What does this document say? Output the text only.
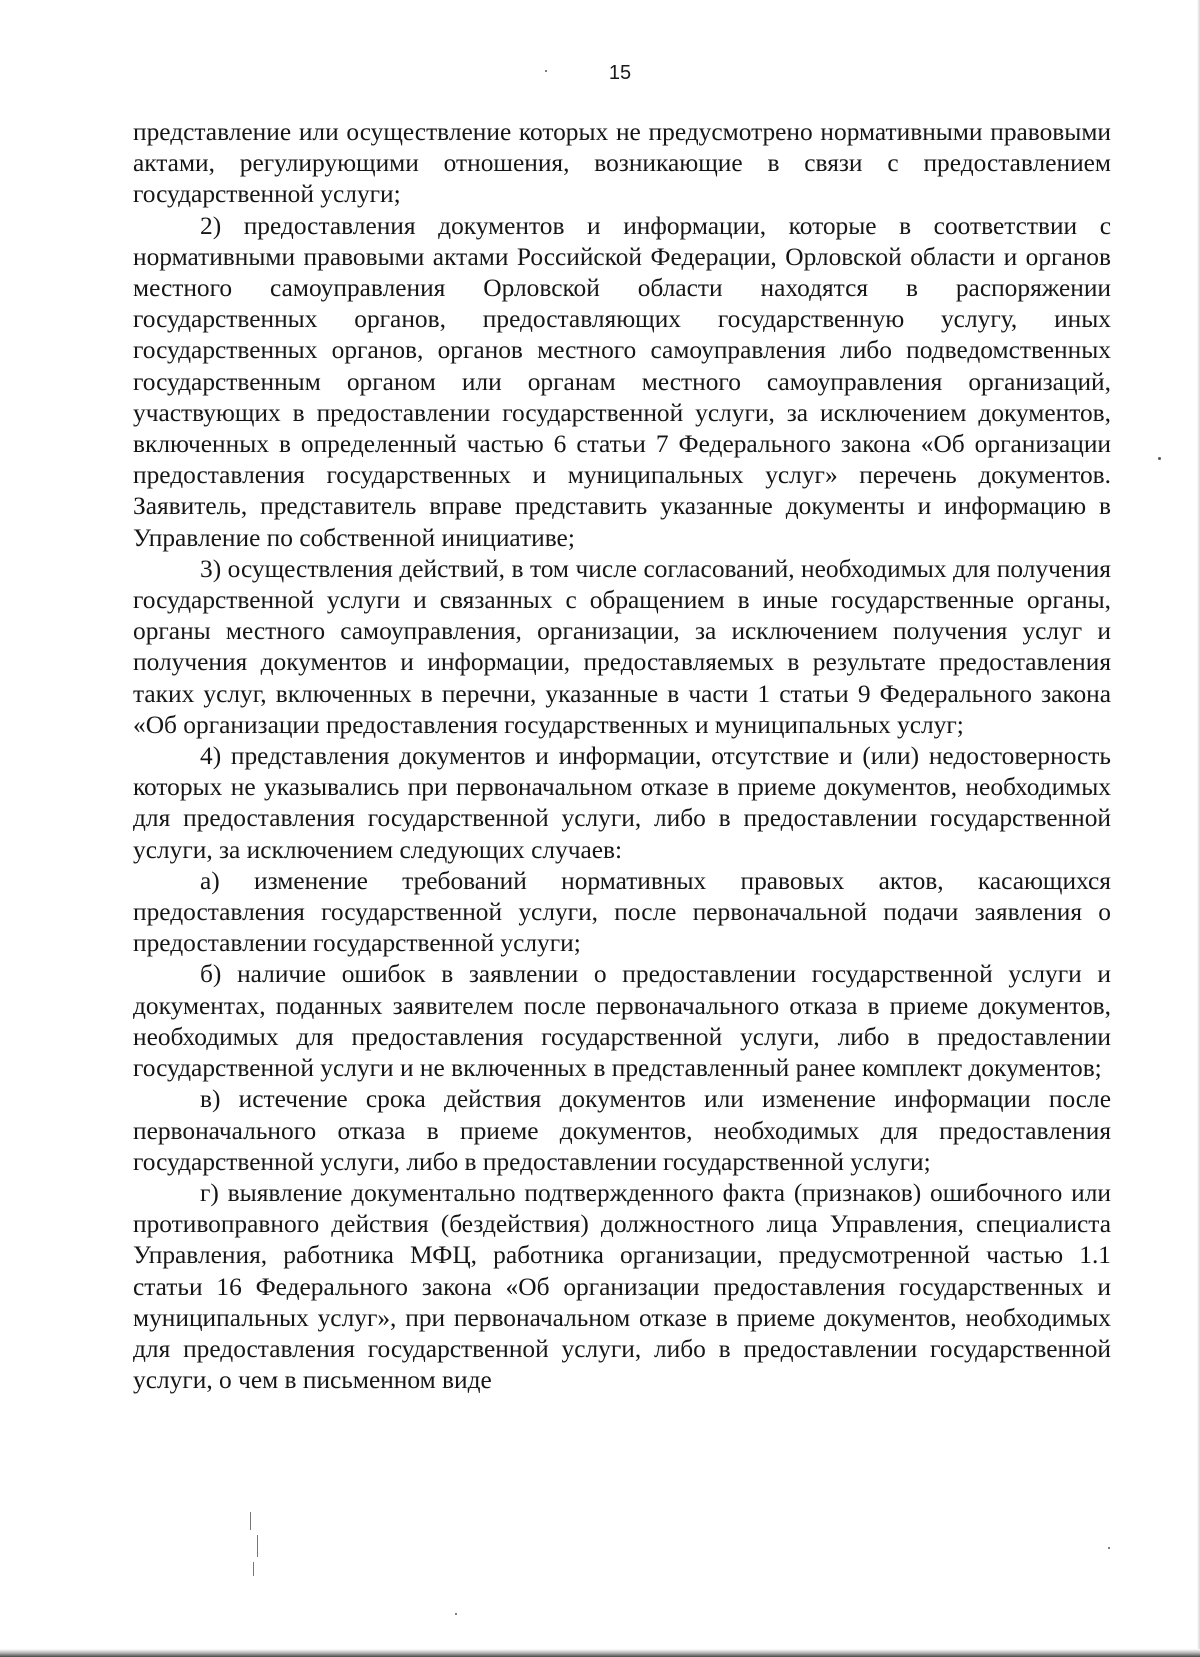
15

представление или осуществление которых не предусмотрено нормативными правовыми актами, регулирующими отношения, возникающие в связи с предоставлением государственной услуги;

2) предоставления документов и информации, которые в соответствии с нормативными правовыми актами Российской Федерации, Орловской области и органов местного самоуправления Орловской области находятся в распоряжении государственных органов, предоставляющих государственную услугу, иных государственных органов, органов местного самоуправления либо подведомственных государственным органом или органам местного самоуправления организаций, участвующих в предоставлении государственной услуги, за исключением документов, включенных в определенный частью 6 статьи 7 Федерального закона «Об организации предоставления государственных и муниципальных услуг» перечень документов. Заявитель, представитель вправе представить указанные документы и информацию в Управление по собственной инициативе;

3) осуществления действий, в том числе согласований, необходимых для получения государственной услуги и связанных с обращением в иные государственные органы, органы местного самоуправления, организации, за исключением получения услуг и получения документов и информации, предоставляемых в результате предоставления таких услуг, включенных в перечни, указанные в части 1 статьи 9 Федерального закона «Об организации предоставления государственных и муниципальных услуг;

4) представления документов и информации, отсутствие и (или) недостоверность которых не указывались при первоначальном отказе в приеме документов, необходимых для предоставления государственной услуги, либо в предоставлении государственной услуги, за исключением следующих случаев:

а) изменение требований нормативных правовых актов, касающихся предоставления государственной услуги, после первоначальной подачи заявления о предоставлении государственной услуги;

б) наличие ошибок в заявлении о предоставлении государственной услуги и документах, поданных заявителем после первоначального отказа в приеме документов, необходимых для предоставления государственной услуги, либо в предоставлении государственной услуги и не включенных в представленный ранее комплект документов;

в) истечение срока действия документов или изменение информации после первоначального отказа в приеме документов, необходимых для предоставления государственной услуги, либо в предоставлении государственной услуги;

г) выявление документально подтвержденного факта (признаков) ошибочного или противоправного действия (бездействия) должностного лица Управления, специалиста Управления, работника МФЦ, работника организации, предусмотренной частью 1.1 статьи 16 Федерального закона «Об организации предоставления государственных и муниципальных услуг», при первоначальном отказе в приеме документов, необходимых для предоставления государственной услуги, либо в предоставлении государственной услуги, о чем в письменном виде
